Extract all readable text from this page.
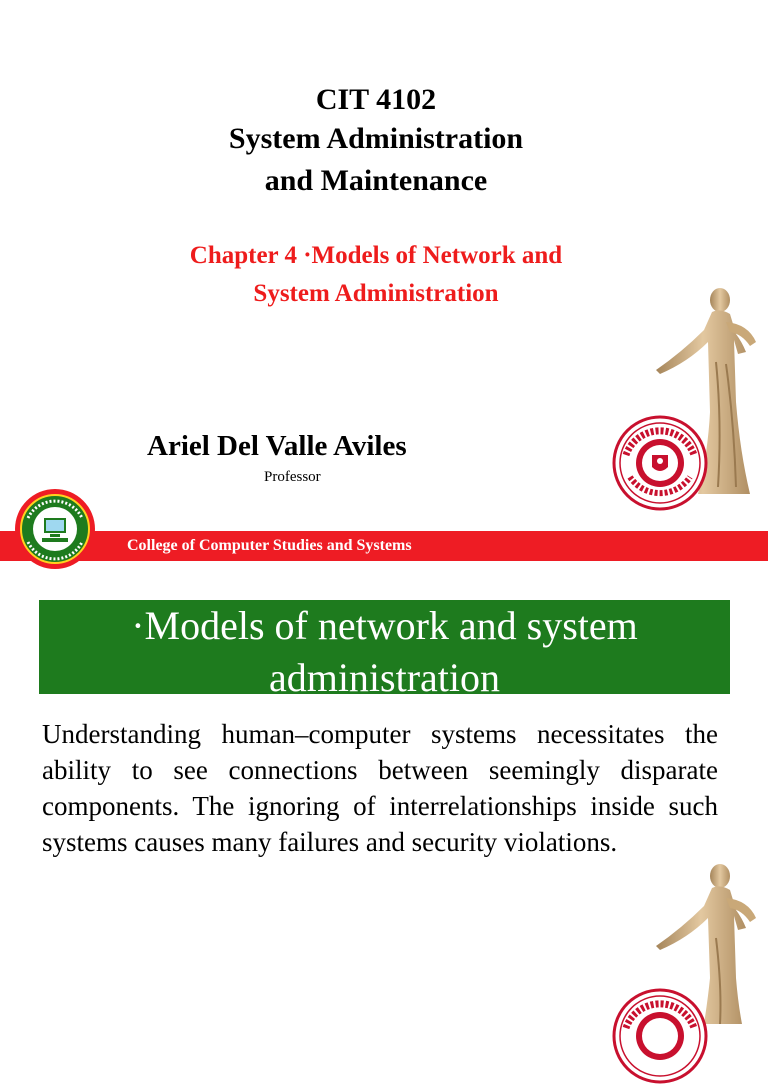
CIT 4102
System Administration
and Maintenance
Chapter 4 ·Models of Network and
System Administration
Ariel Del Valle Aviles
Professor
College of Computer Studies and Systems
·Models of network and system
administration
Understanding human–computer systems necessitates the ability to see connections between seemingly disparate components. The ignoring of interrelationships inside such systems causes many failures and security violations.
